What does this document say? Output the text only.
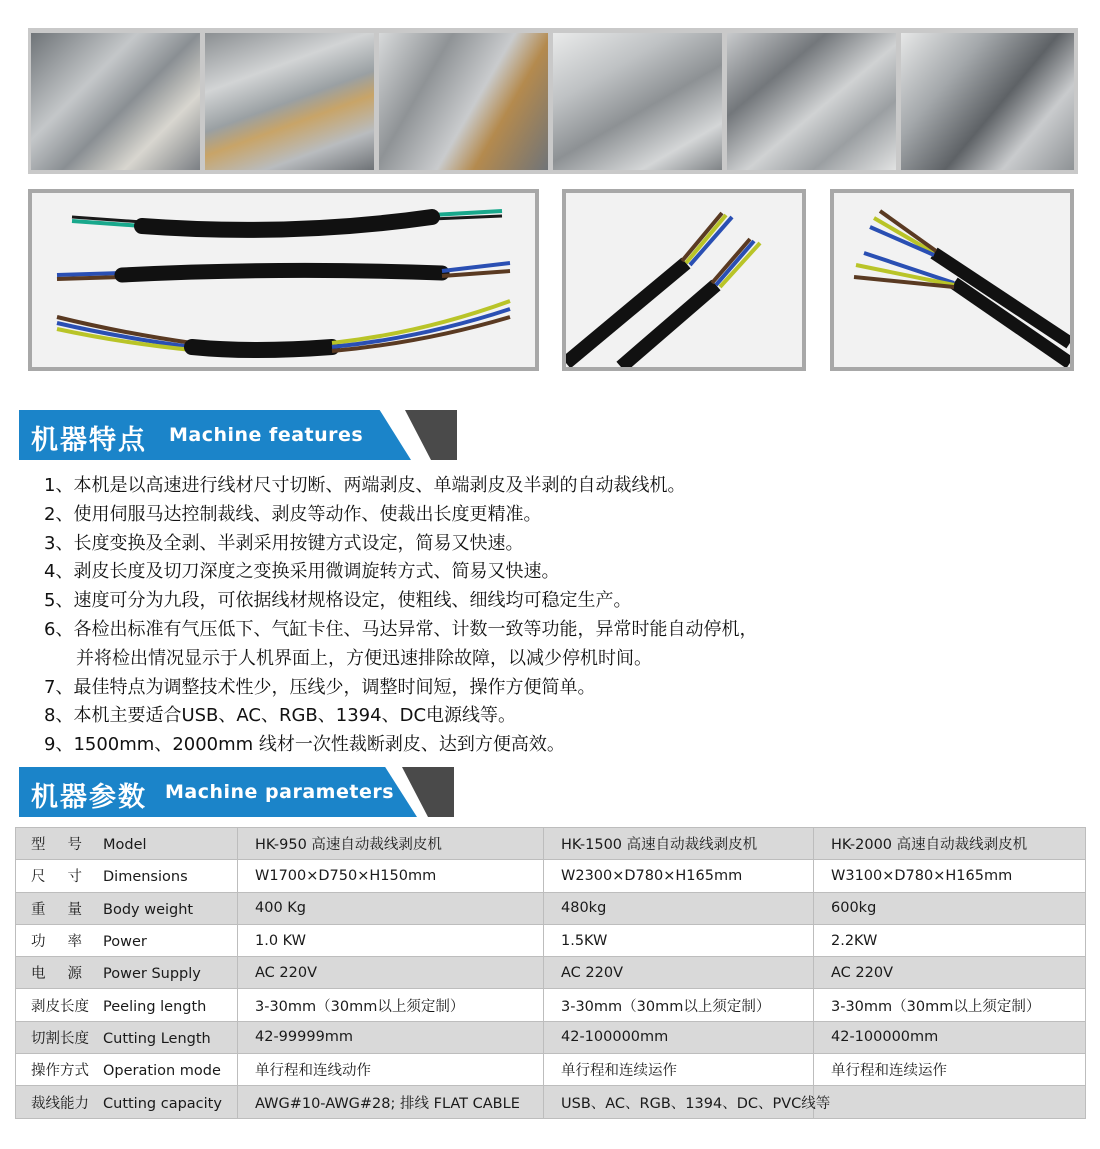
机器特点 Machine features
1、本机是以高速进行线材尺寸切断、两端剥皮、单端剥皮及半剥的自动裁线机。
2、使用伺服马达控制裁线、剥皮等动作、使裁出长度更精准。
3、长度变换及全剥、半剥采用按键方式设定，简易又快速。
4、剥皮长度及切刀深度之变换采用微调旋转方式、简易又快速。
5、速度可分为九段，可依据线材规格设定，使粗线、细线均可稳定生产。
6、各检出标准有气压低下、气缸卡住、马达异常、计数一致等功能，异常时能自动停机，
并将检出情况显示于人机界面上，方便迅速排除故障，以减少停机时间。
7、最佳特点为调整技术性少，压线少，调整时间短，操作方便简单。
8、本机主要适合USB、AC、RGB、1394、DC电源线等。
9、1500mm、2000mm 线材一次性裁断剥皮、达到方便高效。
机器参数 Machine parameters
型号Model	HK-950 高速自动裁线剥皮机	HK-1500 高速自动裁线剥皮机	HK-2000 高速自动裁线剥皮机
尺寸Dimensions	W1700×D750×H150mm	W2300×D780×H165mm	W3100×D780×H165mm
重量Body weight	400 Kg	480kg	600kg
功率Power	1.0 KW	1.5KW	2.2KW
电源Power Supply	AC 220V	AC 220V	AC 220V
剥皮长度 Peeling length	3-30mm（30mm以上须定制）	3-30mm（30mm以上须定制）	3-30mm（30mm以上须定制）
切割长度 Cutting Length	42-99999mm	42-100000mm	42-100000mm
操作方式 Operation mode	单行程和连线动作	单行程和连续运作	单行程和连续运作
裁线能力 Cutting capacity	AWG#10-AWG#28; 排线 FLAT CABLE	USB、AC、RGB、1394、DC、PVC线等	
